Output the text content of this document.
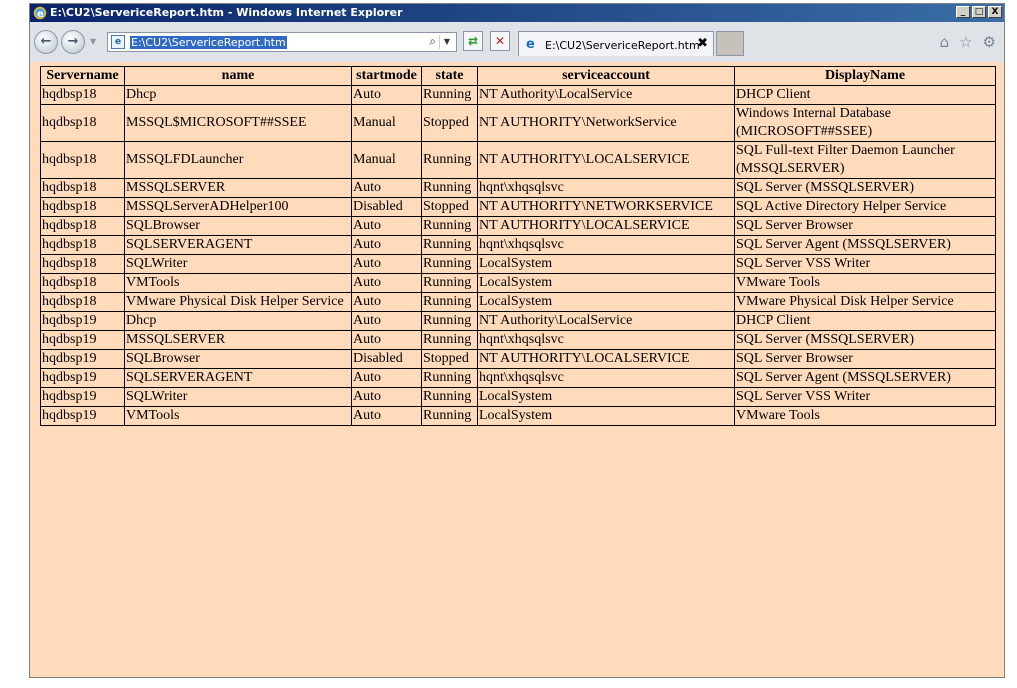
e E:\CU2\ServericeReport.htm - Windows Internet Explorer	_	□ X
←	→	▼	e E:\CU2\ServericeReport.htm	⌕ ▼	⇄	✕	e E:\CU2\ServericeReport.htm
✖	⌂ ☆ ⚙
Servername	name	startmode	state	serviceaccount	DisplayName
hqdbsp18	Dhcp	Auto	Running	NT Authority\LocalService	DHCP Client
hqdbsp18	MSSQL$MICROSOFT##SSEE	Manual	Stopped	NT AUTHORITY\NetworkService	Windows Internal Database (MICROSOFT##SSEE)
hqdbsp18	MSSQLFDLauncher	Manual	Running	NT AUTHORITY\LOCALSERVICE	SQL Full-text Filter Daemon Launcher (MSSQLSERVER)
hqdbsp18	MSSQLSERVER	Auto	Running	hqnt\xhqsqlsvc	SQL Server (MSSQLSERVER)
hqdbsp18	MSSQLServerADHelper100	Disabled	Stopped	NT AUTHORITY\NETWORKSERVICE	SQL Active Directory Helper Service
hqdbsp18	SQLBrowser	Auto	Running	NT AUTHORITY\LOCALSERVICE	SQL Server Browser
hqdbsp18	SQLSERVERAGENT	Auto	Running	hqnt\xhqsqlsvc	SQL Server Agent (MSSQLSERVER)
hqdbsp18	SQLWriter	Auto	Running	LocalSystem	SQL Server VSS Writer
hqdbsp18	VMTools	Auto	Running	LocalSystem	VMware Tools
hqdbsp18	VMware Physical Disk Helper Service	Auto	Running	LocalSystem	VMware Physical Disk Helper Service
hqdbsp19	Dhcp	Auto	Running	NT Authority\LocalService	DHCP Client
hqdbsp19	MSSQLSERVER	Auto	Running	hqnt\xhqsqlsvc	SQL Server (MSSQLSERVER)
hqdbsp19	SQLBrowser	Disabled	Stopped	NT AUTHORITY\LOCALSERVICE	SQL Server Browser
hqdbsp19	SQLSERVERAGENT	Auto	Running	hqnt\xhqsqlsvc	SQL Server Agent (MSSQLSERVER)
hqdbsp19	SQLWriter	Auto	Running	LocalSystem	SQL Server VSS Writer
hqdbsp19	VMTools	Auto	Running	LocalSystem	VMware Tools
